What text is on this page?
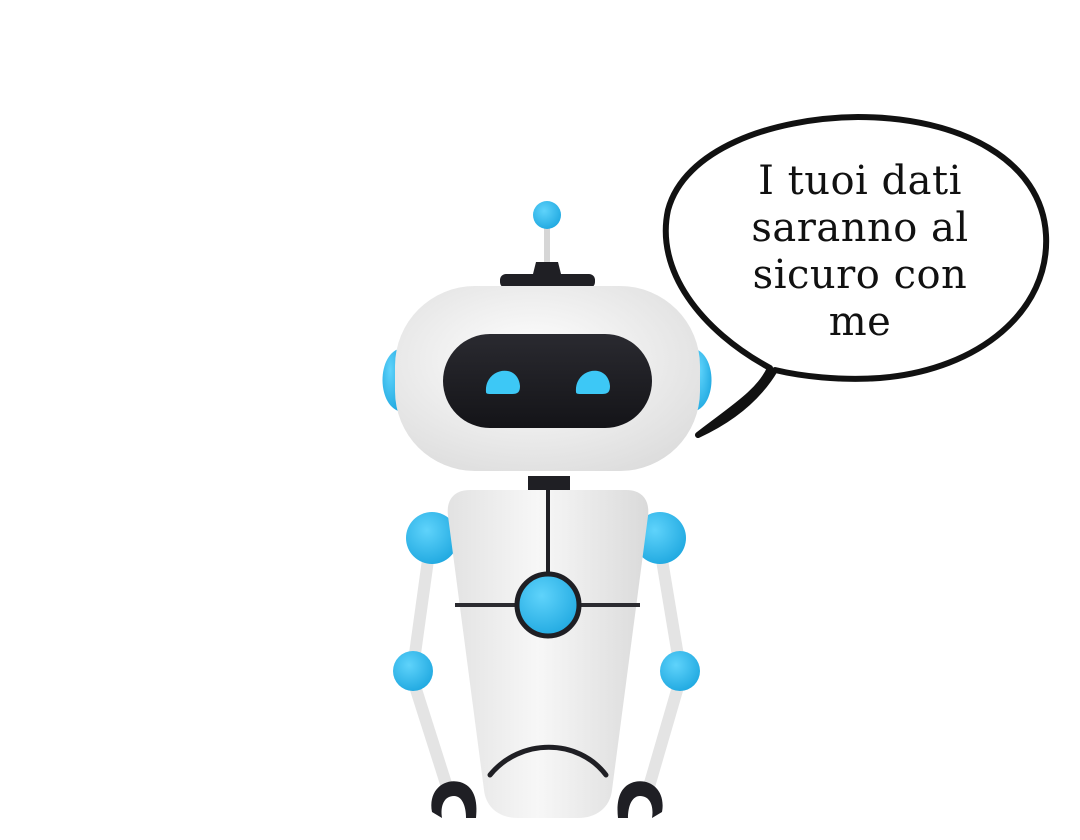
I tuoi dati
saranno al
sicuro con
me
